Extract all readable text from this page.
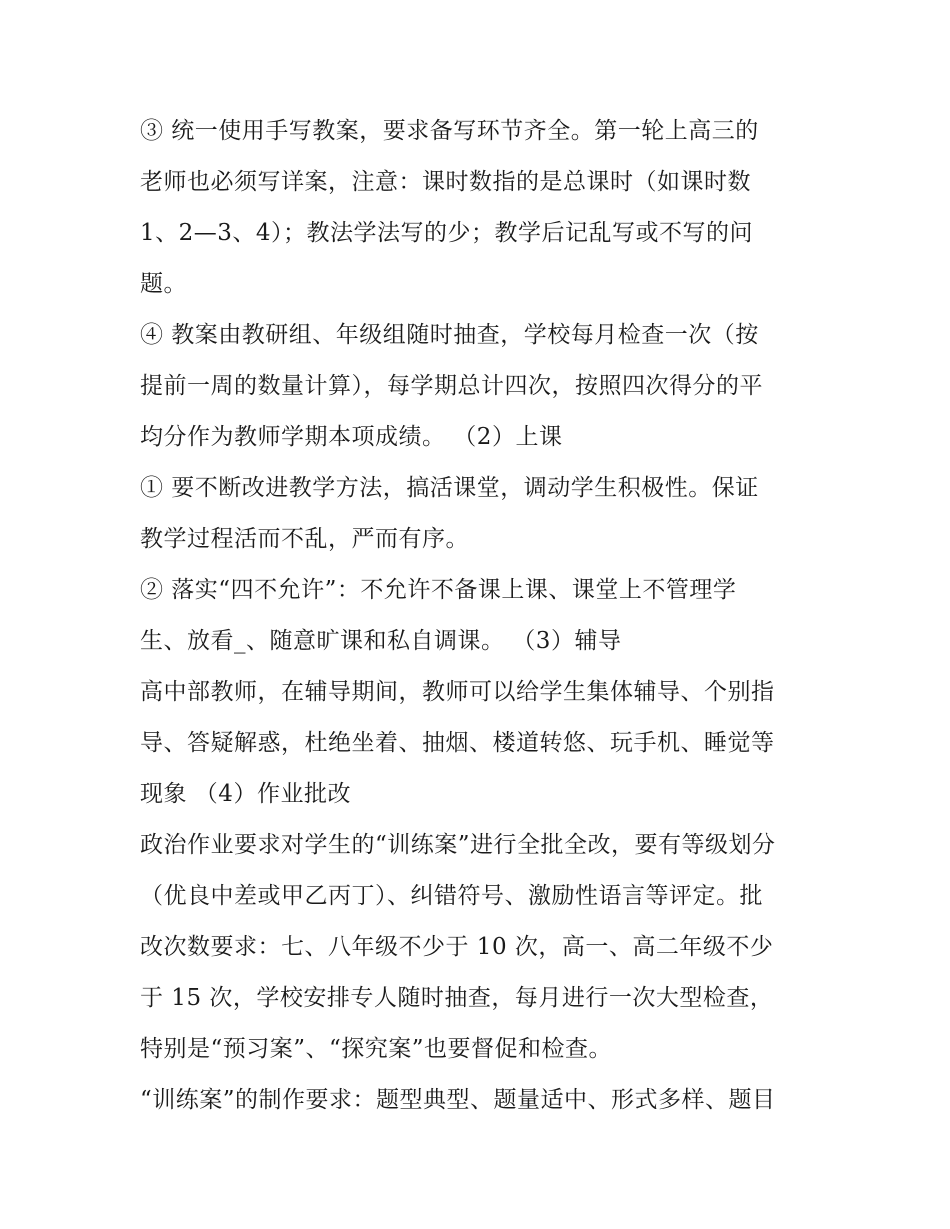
③ 统一使用手写教案，要求备写环节齐全。第一轮上高三的
老师也必须写详案，注意：课时数指的是总课时（如课时数
1、2—3、4）；教法学法写的少；教学后记乱写或不写的问
题。
④ 教案由教研组、年级组随时抽查，学校每月检查一次（按
提前一周的数量计算），每学期总计四次，按照四次得分的平
均分作为教师学期本项成绩。 （2）上课
① 要不断改进教学方法，搞活课堂，调动学生积极性。保证
教学过程活而不乱，严而有序。
② 落实“四不允许”：不允许不备课上课、课堂上不管理学
生、放看_、随意旷课和私自调课。 （3）辅导
高中部教师，在辅导期间，教师可以给学生集体辅导、个别指
导、答疑解惑，杜绝坐着、抽烟、楼道转悠、玩手机、睡觉等
现象 （4）作业批改
政治作业要求对学生的“训练案”进行全批全改，要有等级划分
（优良中差或甲乙丙丁）、纠错符号、激励性语言等评定。批
改次数要求：七、八年级不少于 10 次，高一、高二年级不少
于 15 次，学校安排专人随时抽查，每月进行一次大型检查，
特别是“预习案”、“探究案”也要督促和检查。
“训练案”的制作要求：题型典型、题量适中、形式多样、题目
